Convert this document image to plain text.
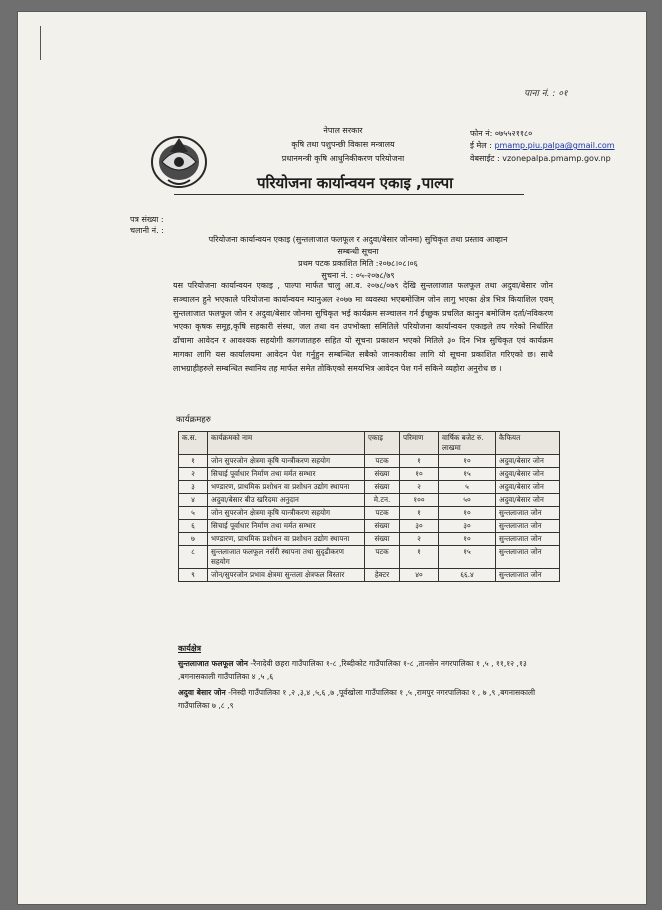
पाना नं. : ०१
नेपाल सरकार
कृषि तथा पशुपन्छी विकास मन्त्रालय
प्रधानमन्त्री कृषि आधुनिकीकरण परियोजना
परियोजना कार्यान्वयन एकाइ ,पाल्पा
फोन नं: ०७५५२११८०
ई मेल : pmamp.piu.palpa@gmail.com
वेबसाईट : vzonepalpa.pmamp.gov.np
पत्र संख्या :
चलानी नं. :
परियोजना कार्यान्वयन एकाइ (सुन्तलाजात फलफूल र अदुवा/बेसार जोनमा) सुचिकृत तथा प्रस्ताव आव्हान
सम्बन्धी सूचना
प्रथम पटक प्रकाशित मिति :२०७८।०८।०६
सुचना नं. : ०५-२०७८/७९
यस परियोजना कार्यान्वयन एकाइ , पाल्पा मार्फत चालु आ.व. २०७८/०७९ देखि सुन्तलाजात फलफूल तथा अदुवा/बेसार जोन सञ्चालन हुने भएकाले परियोजना कार्यान्वयन म्यानुअल २०७७ मा व्यवस्था भएबमोजिम जोन लागु भएका क्षेत्र भित्र कियाशिल एवम् सुन्तलाजात फलफूल जोन र अदुवा/बेसार जोनमा सुचिकृत भई कार्यक्रम सञ्चालन गर्न ईच्छुक प्रचलित कानुन बमोजिम दर्ता/नविकरण भएका कृषक समूह,कृषि सहकारी संस्था, जल तथा वन उपभोक्ता समितिले परियोजना कार्यान्वयन एकाइले तय गरेको निर्धारित ढाँचामा आवेदन र आवश्यक सहयोगी कागजातहरु सहित यो सूचना प्रकाशन भएको मितिले ३० दिन भित्र सुचिकृत एवं कार्यक्रम मागका लागि यस कार्यालयमा आवेदन पेश गर्नुहुन सम्बन्धित सबैको जानकारीका लागि यो सूचना प्रकाशित गरिएको छ। साथै लाभग्राहीहरुले सम्बन्धित स्थानिय तह मार्फत समेत तोकिएको समयभित्र आवेदन पेश गर्न सकिने व्यहोरा अनुरोध छ ।
कार्यक्रमहरु
क.स.	कार्यक्रमको नाम	एकाइ	परिमाण	वार्षिक बजेट रु. लाखमा	कैफियत
१	जोन सुपरजोन क्षेत्रमा कृषि यान्त्रीकरण सहयोग	पटक	१	१०	अदुवा/बेसार जोन
२	सिचाई पूर्वाधार निर्माण तथा मर्मत सम्भार	संख्या	१०	१५	अदुवा/बेसार जोन
३	भण्डारण, प्राथमिक प्रशोधन वा प्रशोधन उद्योग स्थापना	संख्या	२	५	अदुवा/बेसार जोन
४	अदुवा/बेसार बीउ खरिदमा अनुदान	मे.टन.	१००	५०	अदुवा/बेसार जोन
५	जोन सुपरजोन क्षेत्रमा कृषि यान्त्रीकरण सहयोग	पटक	१	१०	सुन्तलाजात जोन
६	सिचाई पूर्वाधार निर्माण तथा मर्मत सम्भार	संख्या	३०	३०	सुन्तलाजात जोन
७	भण्डारण, प्राथमिक प्रशोधन वा प्रशोधन उद्योग स्थापना	संख्या	२	१०	सुन्तलाजात जोन
८	सुन्तलाजात फलफूल नर्सरी स्थापना तथा सुदृढीकरण सहयोग	पटक	१	१५	सुन्तलाजात जोन
९	जोन/सुपरजोन प्रभाव क्षेत्रमा सुन्तला क्षेत्रफल विस्तार	हेक्टर	४०	६६.४	सुन्तलाजात जोन
कार्यक्षेत्र
सुन्तलाजात फलफूल जोन -रैनादेवी छहरा गाउँपालिका १-८ ,रिब्दीकोट गाउँपालिका १-८ ,तानसेन नगरपालिका १ ,५ , ११,१२ ,१३ ,बगनासकाली गाउँपालिका ४ ,५ ,६
अदुवा बेसार जोन -निस्दी गाउँपालिका १ ,२ ,३,४ ,५,६ ,७ ,पूर्वखोला गाउँपालिका १ ,५ ,रामपुर नगरपालिका १ , ७ ,९ ,बगनासकाली गाउँपालिका ७ ,८ ,९
